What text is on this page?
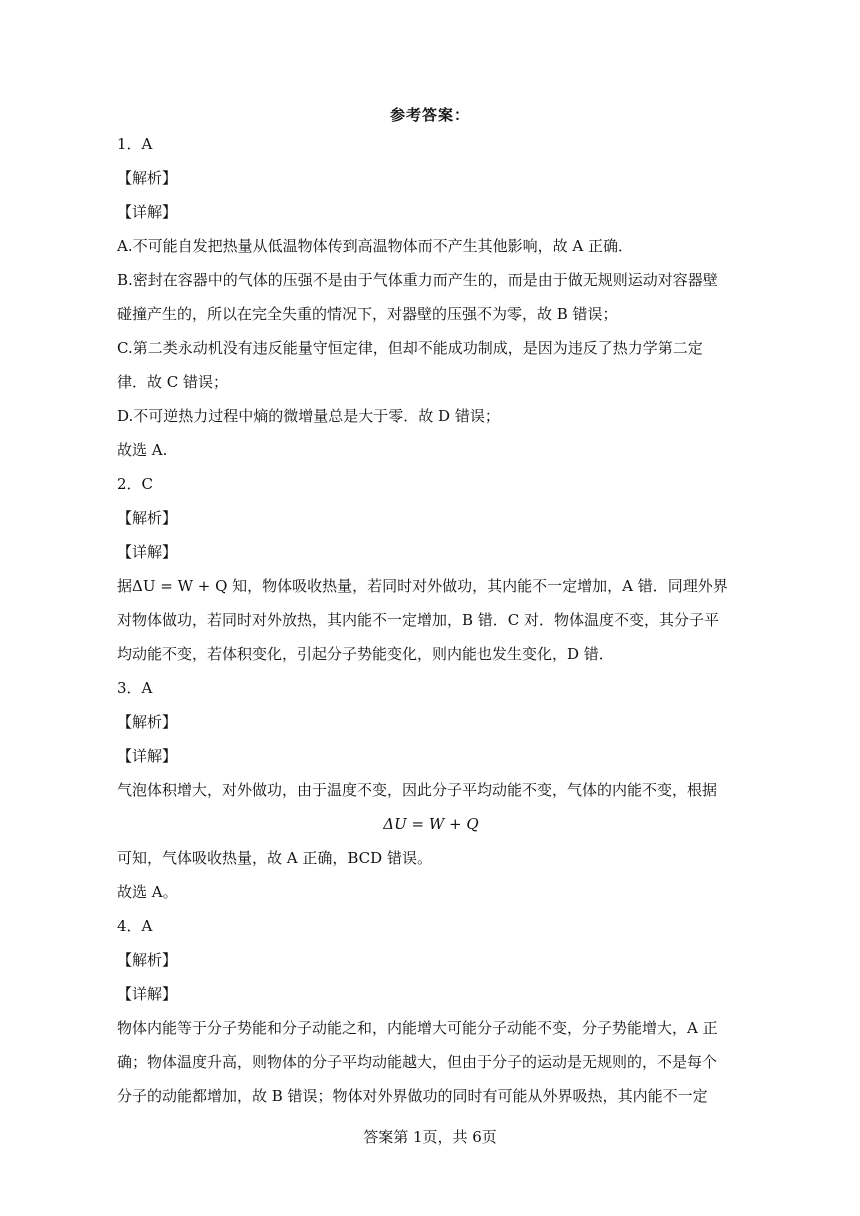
参考答案：
1．A
【解析】
【详解】
A.不可能自发把热量从低温物体传到高温物体而不产生其他影响，故 A 正确．
B.密封在容器中的气体的压强不是由于气体重力而产生的，而是由于做无规则运动对容器壁
碰撞产生的，所以在完全失重的情况下，对器壁的压强不为零，故 B 错误；
C.第二类永动机没有违反能量守恒定律，但却不能成功制成，是因为违反了热力学第二定
律．故 C 错误；
D.不可逆热力过程中熵的微增量总是大于零．故 D 错误；
故选 A.
2．C
【解析】
【详解】
据ΔU = W + Q 知，物体吸收热量，若同时对外做功，其内能不一定增加，A 错．同理外界
对物体做功，若同时对外放热，其内能不一定增加，B 错．C 对．物体温度不变，其分子平
均动能不变，若体积变化，引起分子势能变化，则内能也发生变化，D 错．
3．A
【解析】
【详解】
气泡体积增大，对外做功，由于温度不变，因此分子平均动能不变，气体的内能不变，根据
ΔU = W + Q
可知，气体吸收热量，故 A 正确，BCD 错误。
故选 A。
4．A
【解析】
【详解】
物体内能等于分子势能和分子动能之和，内能增大可能分子动能不变，分子势能增大，A 正
确；物体温度升高，则物体的分子平均动能越大，但由于分子的运动是无规则的，不是每个
分子的动能都增加，故 B 错误；物体对外界做功的同时有可能从外界吸热，其内能不一定
答案第 1页，共 6页
